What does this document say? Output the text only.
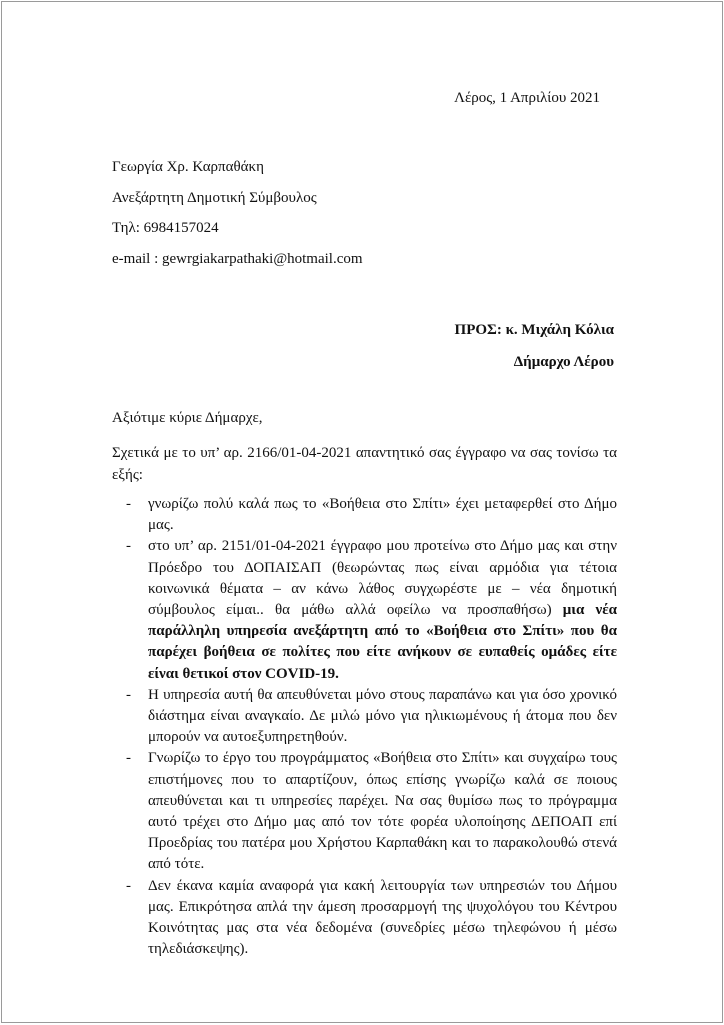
Λέρος, 1 Απριλίου 2021
Γεωργία Χρ. Καρπαθάκη
Ανεξάρτητη Δημοτική Σύμβουλος
Τηλ: 6984157024
e-mail : gewrgiakarpathaki@hotmail.com
ΠΡΟΣ: κ. Μιχάλη Κόλια
Δήμαρχο Λέρου
Αξιότιμε κύριε Δήμαρχε,
Σχετικά με το υπ’ αρ. 2166/01-04-2021 απαντητικό σας έγγραφο να σας τονίσω τα εξής:
- γνωρίζω πολύ καλά πως το «Βοήθεια στο Σπίτι» έχει μεταφερθεί στο Δήμο μας.
- στο υπ’ αρ. 2151/01-04-2021 έγγραφο μου προτείνω στο Δήμο μας και στην Πρόεδρο του ΔΟΠΑΙΣΑΠ (θεωρώντας πως είναι αρμόδια για τέτοια κοινωνικά θέματα – αν κάνω λάθος συγχωρέστε με – νέα δημοτική σύμβουλος είμαι.. θα μάθω αλλά οφείλω να προσπαθήσω) μια νέα παράλληλη υπηρεσία ανεξάρτητη από το «Βοήθεια στο Σπίτι» που θα παρέχει βοήθεια σε πολίτες που είτε ανήκουν σε ευπαθείς ομάδες είτε είναι θετικοί στον COVID-19.
- Η υπηρεσία αυτή θα απευθύνεται μόνο στους παραπάνω και για όσο χρονικό διάστημα είναι αναγκαίο. Δε μιλώ μόνο για ηλικιωμένους ή άτομα που δεν μπορούν να αυτοεξυπηρετηθούν.
- Γνωρίζω το έργο του προγράμματος «Βοήθεια στο Σπίτι» και συγχαίρω τους επιστήμονες που το απαρτίζουν, όπως επίσης γνωρίζω καλά σε ποιους απευθύνεται και τι υπηρεσίες παρέχει. Να σας θυμίσω πως το πρόγραμμα αυτό τρέχει στο Δήμο μας από τον τότε φορέα υλοποίησης ΔΕΠΟΑΠ επί Προεδρίας του πατέρα μου Χρήστου Καρπαθάκη και το παρακολουθώ στενά από τότε.
- Δεν έκανα καμία αναφορά για κακή λειτουργία των υπηρεσιών του Δήμου μας. Επικρότησα απλά την άμεση προσαρμογή της ψυχολόγου του Κέντρου Κοινότητας μας στα νέα δεδομένα (συνεδρίες μέσω τηλεφώνου ή μέσω τηλεδιάσκεψης).
